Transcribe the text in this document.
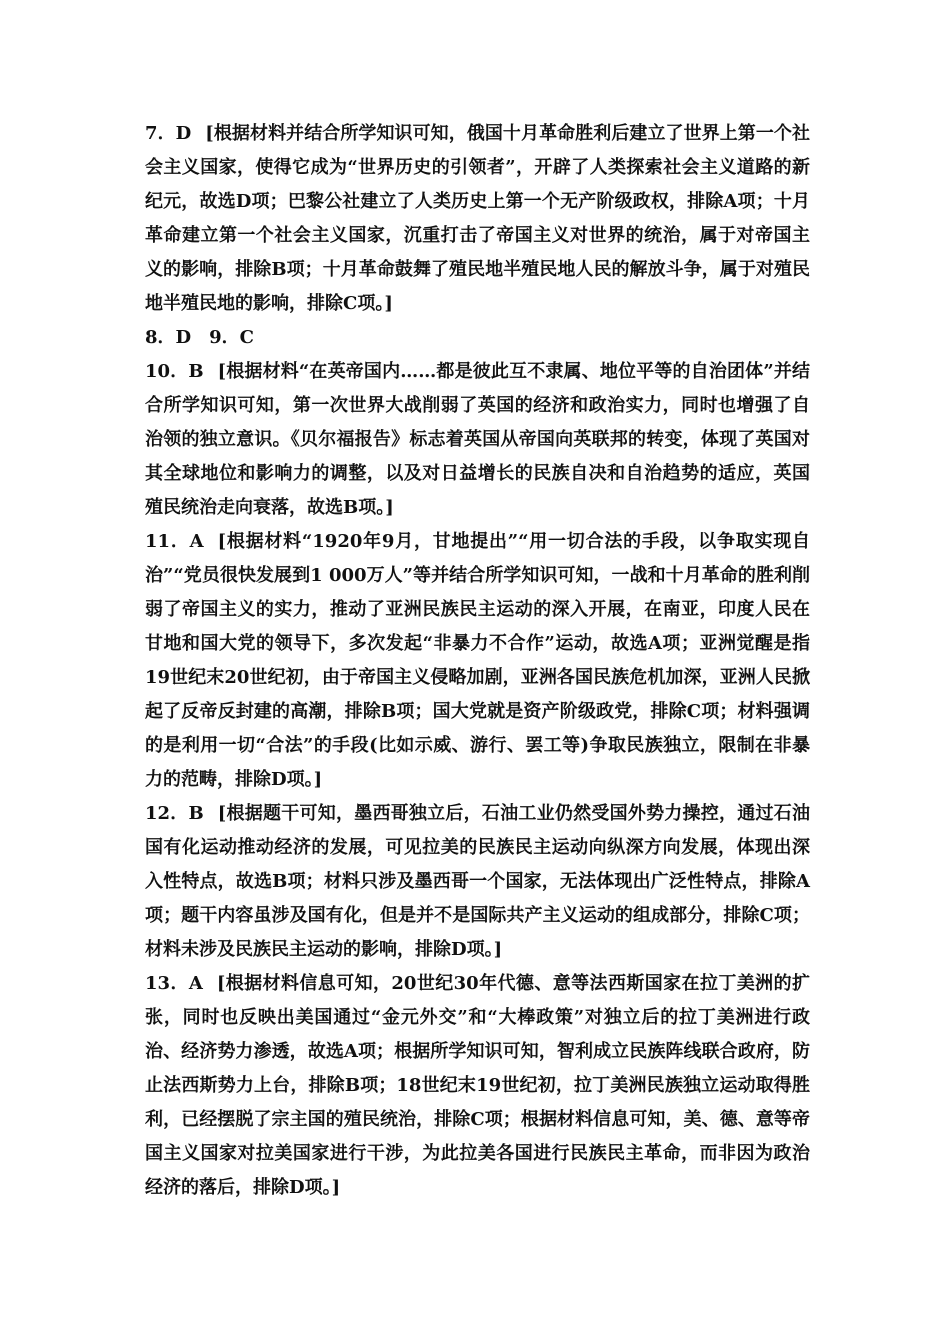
7．D [根据材料并结合所学知识可知，俄国十月革命胜利后建立了世界上第一个社会主义国家，使得它成为“世界历史的引领者”，开辟了人类探索社会主义道路的新纪元，故选D项；巴黎公社建立了人类历史上第一个无产阶级政权，排除A项；十月革命建立第一个社会主义国家，沉重打击了帝国主义对世界的统治，属于对帝国主义的影响，排除B项；十月革命鼓舞了殖民地半殖民地人民的解放斗争，属于对殖民地半殖民地的影响，排除C项。]

8．D　9．C

10．B [根据材料“在英帝国内……都是彼此互不隶属、地位平等的自治团体”并结合所学知识可知，第一次世界大战削弱了英国的经济和政治实力，同时也增强了自治领的独立意识。《贝尔福报告》标志着英国从帝国向英联邦的转变，体现了英国对其全球地位和影响力的调整，以及对日益增长的民族自决和自治趋势的适应，英国殖民统治走向衰落，故选B项。]

11．A [根据材料“1920年9月，甘地提出”“用一切合法的手段，以争取实现自治”“党员很快发展到1 000万人”等并结合所学知识可知，一战和十月革命的胜利削弱了帝国主义的实力，推动了亚洲民族民主运动的深入开展，在南亚，印度人民在甘地和国大党的领导下，多次发起“非暴力不合作”运动，故选A项；亚洲觉醒是指19世纪末20世纪初，由于帝国主义侵略加剧，亚洲各国民族危机加深，亚洲人民掀起了反帝反封建的高潮，排除B项；国大党就是资产阶级政党，排除C项；材料强调的是利用一切“合法”的手段(比如示威、游行、罢工等)争取民族独立，限制在非暴力的范畴，排除D项。]

12．B [根据题干可知，墨西哥独立后，石油工业仍然受国外势力操控，通过石油国有化运动推动经济的发展，可见拉美的民族民主运动向纵深方向发展，体现出深入性特点，故选B项；材料只涉及墨西哥一个国家，无法体现出广泛性特点，排除A项；题干内容虽涉及国有化，但是并不是国际共产主义运动的组成部分，排除C项；材料未涉及民族民主运动的影响，排除D项。]

13．A [根据材料信息可知，20世纪30年代德、意等法西斯国家在拉丁美洲的扩张，同时也反映出美国通过“金元外交”和“大棒政策”对独立后的拉丁美洲进行政治、经济势力渗透，故选A项；根据所学知识可知，智利成立民族阵线联合政府，防止法西斯势力上台，排除B项；18世纪末19世纪初，拉丁美洲民族独立运动取得胜利，已经摆脱了宗主国的殖民统治，排除C项；根据材料信息可知，美、德、意等帝国主义国家对拉美国家进行干涉，为此拉美各国进行民族民主革命，而非因为政治经济的落后，排除D项。]
